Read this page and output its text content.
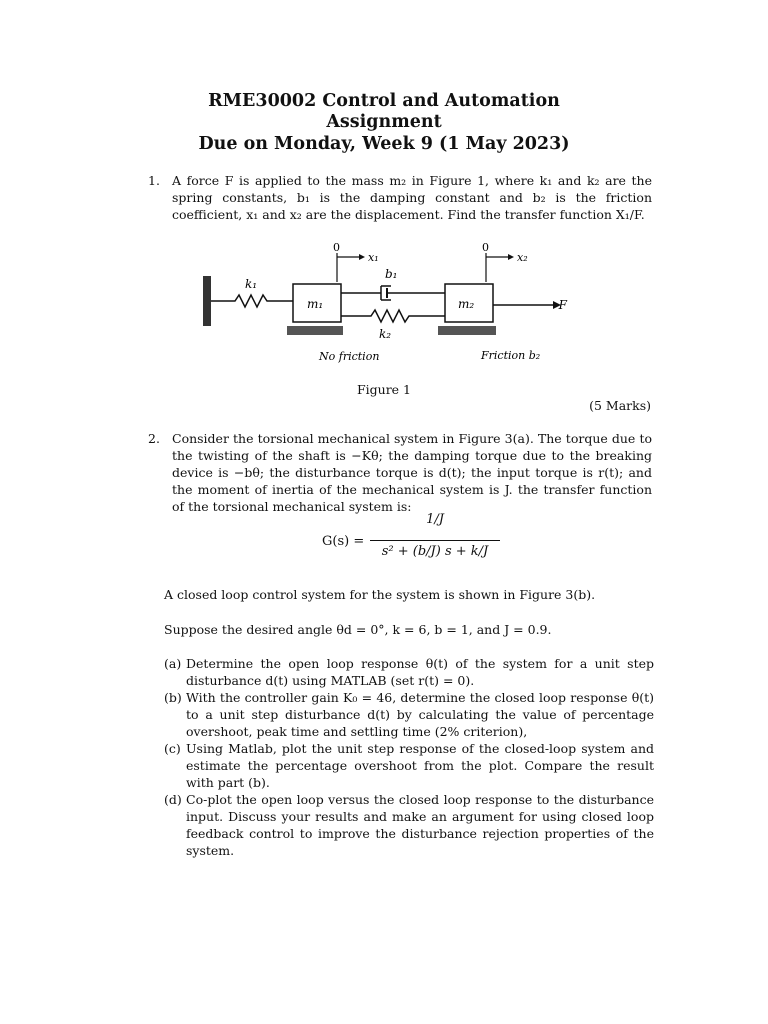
RME30002 Control and Automation
Assignment
Due on Monday, Week 9 (1 May 2023)
1. A force F is applied to the mass m₂ in Figure 1, where k₁ and k₂ are the spring constants, b₁ is the damping constant and b₂ is the friction coefficient, x₁ and x₂ are the displacement. Find the transfer function X₁/F.
k₁
m₁
b₁
k₂
m₂	F
0
x₁
0
x₂
No friction	Friction b₂
Figure 1
(5 Marks)
2. Consider the torsional mechanical system in Figure 3(a). The torque due to the twisting of the shaft is −Kθ; the damping torque due to the breaking device is −bθ; the disturbance torque is d(t); the input torque is r(t); and the moment of inertia of the mechanical system is J. the transfer function of the torsional mechanical system is:
G(s) =
1/J
s² + (b/J) s + k/J
A closed loop control system for the system is shown in Figure 3(b).
Suppose the desired angle θd = 0°, k = 6, b = 1, and J = 0.9.
(a) Determine the open loop response θ(t) of the system for a unit step disturbance d(t) using MATLAB (set r(t) = 0).
(b) With the controller gain K₀ = 46, determine the closed loop response θ(t) to a unit step disturbance d(t) by calculating the value of percentage overshoot, peak time and settling time (2% criterion),
(c) Using Matlab, plot the unit step response of the closed-loop system and estimate the percentage overshoot from the plot. Compare the result with part (b).
(d) Co-plot the open loop versus the closed loop response to the disturbance input. Discuss your results and make an argument for using closed loop feedback control to improve the disturbance rejection properties of the system.
